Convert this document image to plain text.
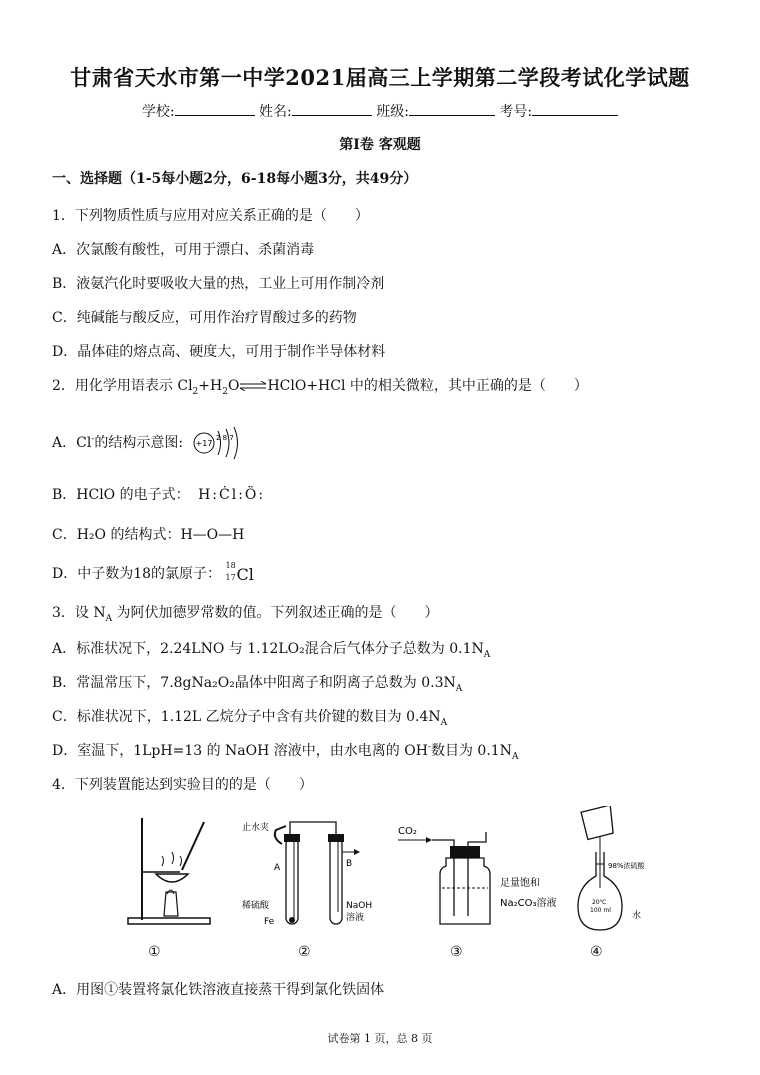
甘肃省天水市第一中学2021届高三上学期第二学段考试化学试题
学校:	姓名:	班级:	考号:
第Ⅰ卷 客观题
一、选择题（1-5每小题2分，6-18每小题3分，共49分）
1．下列物质性质与应用对应关系正确的是（　　）
A．次氯酸有酸性，可用于漂白、杀菌消毒
B．液氨汽化时要吸收大量的热，工业上可用作制冷剂
C．纯碱能与酸反应，可用作治疗胃酸过多的药物
D．晶体硅的熔点高、硬度大，可用于制作半导体材料
2．用化学用语表示 $Cl_2+H_2O\rightleftharpoons HClO+HCl$ 中的相关微粒，其中正确的是（　　）
A．Cl-的结构示意图: +17
2 8 7
B．HClO 的电子式： H:Ċl:Ö:
C．H₂O 的结构式：H—O—H
D．中子数为18的氯原子：
18
17 Cl
3．设 $N_A$ 为阿伏加德罗常数的值。下列叙述正确的是（　　）
A．标准状况下，2.24LNO 与 1.12LO₂混合后气体分子总数为 $0.1N_A$
B．常温常压下，7.8gNa₂O₂晶体中阳离子和阴离子总数为 $0.3N_A$
C．标准状况下，1.12L 乙烷分子中含有共价键的数目为 $0.4N_A$
D．室温下，1LpH=13 的 NaOH 溶液中，由水电离的 OH-数目为 $0.1N_A$
4．下列装置能达到实验目的的是（　　）
①
止水夹
A	B
稀硫酸
Fe
NaOH
溶液
②
CO₂
足量饱和
Na₂CO₃溶液
③
98%浓硫酸
20℃
100 ml
水
④
A．用图①装置将氯化铁溶液直接蒸干得到氯化铁固体
试卷第 1 页，总 8 页
